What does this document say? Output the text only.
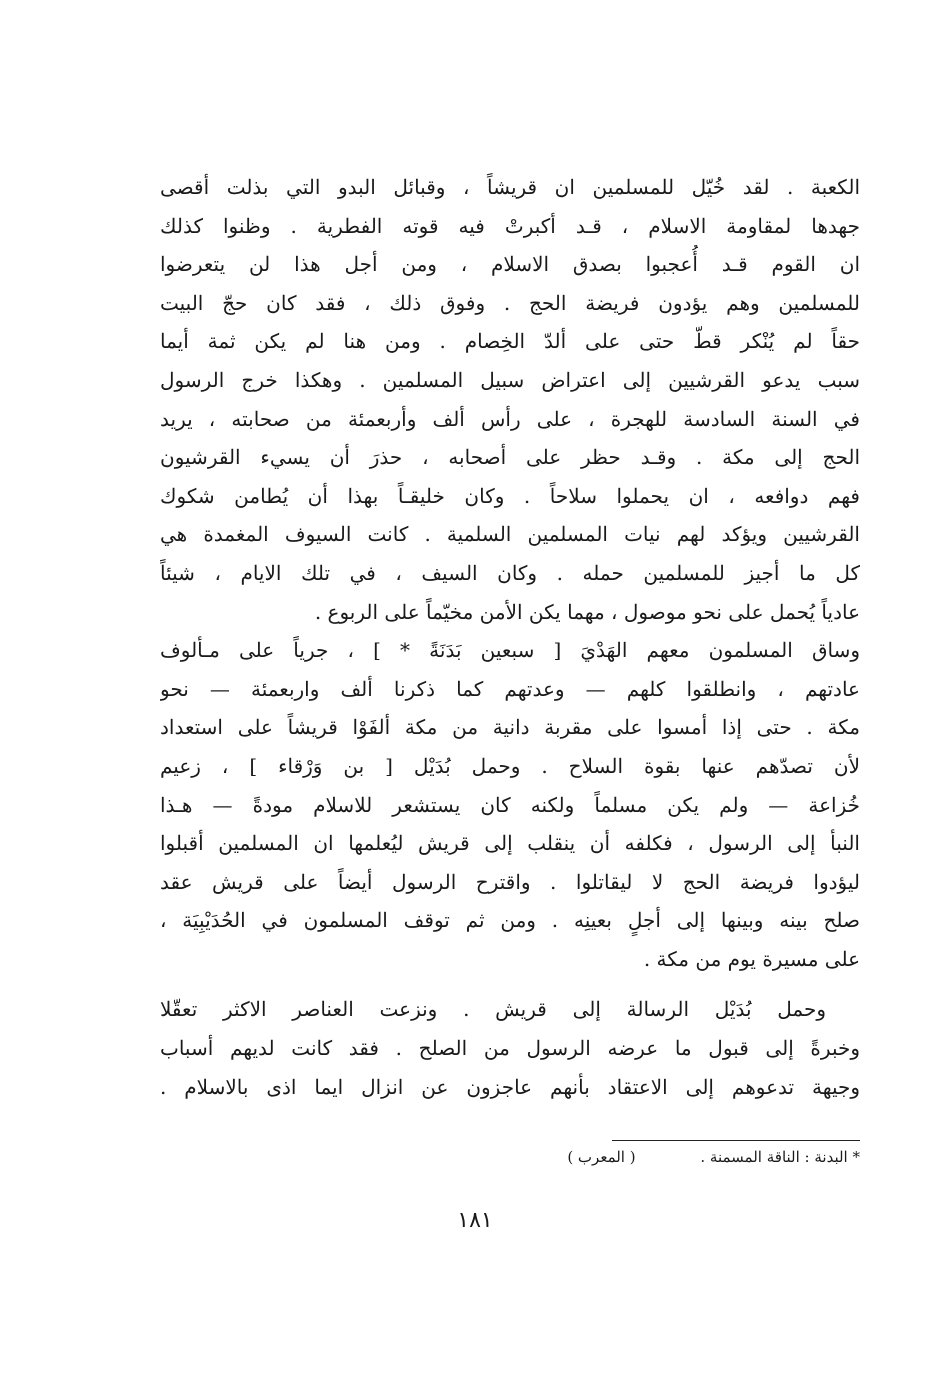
الكعبة . لقد خُيّل للمسلمين ان قريشاً ، وقبائل البدو التي بذلت أقصى
جهدها لمقاومة الاسلام ، قـد أكبرتْ فيه قوته الفطرية . وظنوا كذلك
ان القوم قـد أُعجبوا بصدق الاسلام ، ومن أجل هذا لن يتعرضوا
للمسلمين وهم يؤدون فريضة الحج . وفوق ذلك ، فقد كان حجّ البيت
حقاً لم يُنْكر قطّ حتى على ألدّ الخِصام . ومن هنا لم يكن ثمة أيما
سبب يدعو القرشيين إلى اعتراض سبيل المسلمين . وهكذا خرج الرسول
في السنة السادسة للهجرة ، على رأس ألف وأربعمئة من صحابته ، يريد
الحج إلى مكة . وقـد حظر على أصحابه ، حذرَ أن يسيء القرشيون
فهم دوافعه ، ان يحملوا سلاحاً . وكان خليقـاً بهذا أن يُطامن شكوك
القرشيين ويؤكد لهم نيات المسلمين السلمية . كانت السيوف المغمدة هي
كل ما أجيز للمسلمين حمله . وكان السيف ، في تلك الايام ، شيئاً
عادياً يُحمل على نحو موصول ، مهما يكن الأمن مخيّماً على الربوع .
وساق المسلمون معهم الهَدْيَ [ سبعين بَدَنَةً * ] ، جرياً على مـألوف
عادتهم ، وانطلقوا كلهم — وعدتهم كما ذكرنا ألف واربعمئة — نحو
مكة . حتى إذا أمسوا على مقربة دانية من مكة ألفَوْا قريشاً على استعداد
لأن تصدّهم عنها بقوة السلاح . وحمل بُدَيْل [ بن وَرْقاء ] ، زعيم
خُزاعة — ولم يكن مسلماً ولكنه كان يستشعر للاسلام مودةً — هـذا
النبأ إلى الرسول ، فكلفه أن ينقلب إلى قريش ليُعلمها ان المسلمين أقبلوا
ليؤدوا فريضة الحج لا ليقاتلوا . واقترح الرسول أيضاً على قريش عقد
صلح بينه وبينها إلى أجلٍ بعينِه . ومن ثم توقف المسلمون في الحُدَيْبِيَة ،
على مسيرة يوم من مكة .
وحمل بُدَيْل الرسالة إلى قريش . ونزعت العناصر الاكثر تعقّلا
وخبرةً إلى قبول ما عرضه الرسول من الصلح . فقد كانت لديهم أسباب
وجيهة تدعوهم إلى الاعتقاد بأنهم عاجزون عن انزال ايما اذى بالاسلام .
* البدنة : الناقة المسمنة . ( المعرب )
١٨١
